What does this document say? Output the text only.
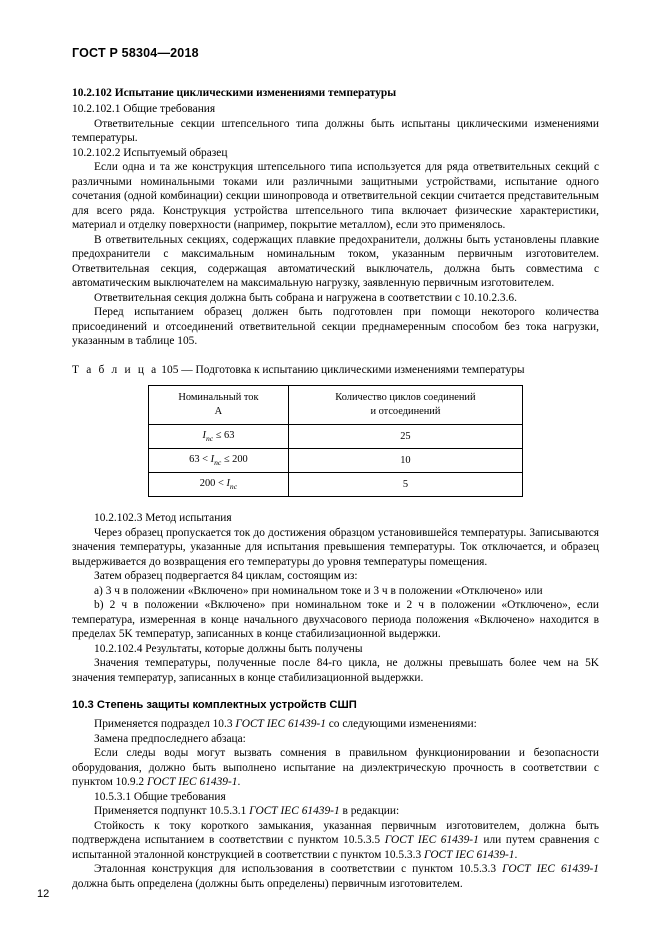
ГОСТ Р 58304—2018

10.2.102 Испытание циклическими изменениями температуры

10.2.102.1 Общие требования

Ответвительные секции штепсельного типа должны быть испытаны циклическими изменениями температуры.

10.2.102.2 Испытуемый образец

Если одна и та же конструкция штепсельного типа используется для ряда ответвительных секций с различными номинальными токами или различными защитными устройствами, испытание одного сочетания (одной комбинации) секции шинопровода и ответвительной секции считается представительным для всего ряда. Конструкция устройства штепсельного типа включает физические характеристики, материал и отделку поверхности (например, покрытие металлом), если это применялось.

В ответвительных секциях, содержащих плавкие предохранители, должны быть установлены плавкие предохранители с максимальным номинальным током, указанным первичным изготовителем. Ответвительная секция, содержащая автоматический выключатель, должна быть совместима с автоматическим выключателем на максимальную нагрузку, заявленную первичным изготовителем.

Ответвительная секция должна быть собрана и нагружена в соответствии с 10.10.2.3.6.

Перед испытанием образец должен быть подготовлен при помощи некоторого количества присоединений и отсоединений ответвительной секции преднамеренным способом без тока нагрузки, указанным в таблице 105.

Т а б л и ц а 105 — Подготовка к испытанию циклическими изменениями температуры
Номинальный ток
А	Количество циклов соединений
и отсоединений
$I_{nc} \le 63$	25
$63 < I_{nc} \le 200$	10
$200 < I_{nc}$	5

10.2.102.3 Метод испытания

Через образец пропускается ток до достижения образцом установившейся температуры. Записываются значения температуры, указанные для испытания превышения температуры. Ток отключается, и образец выдерживается до возвращения его температуры до уровня температуры помещения.

Затем образец подвергается 84 циклам, состоящим из:

а) 3 ч в положении «Включено» при номинальном токе и 3 ч в положении «Отключено» или

b) 2 ч в положении «Включено» при номинальном токе и 2 ч в положении «Отключено», если температура, измеренная в конце начального двухчасового периода положения «Включено» находится в пределах 5K температур, записанных в конце стабилизационной выдержки.

10.2.102.4 Результаты, которые должны быть получены

Значения температуры, полученные после 84-го цикла, не должны превышать более чем на 5K значения температур, записанных в конце стабилизационной выдержки.

10.3 Степень защиты комплектных устройств СШП

Применяется подраздел 10.3 ГОСТ IEC 61439-1 со следующими изменениями:

Замена предпоследнего абзаца:

Если следы воды могут вызвать сомнения в правильном функционировании и безопасности оборудования, должно быть выполнено испытание на диэлектрическую прочность в соответствии с пунктом 10.9.2 ГОСТ IEC 61439-1.

10.5.3.1 Общие требования

Применяется подпункт 10.5.3.1 ГОСТ IEC 61439-1 в редакции:

Стойкость к току короткого замыкания, указанная первичным изготовителем, должна быть подтверждена испытанием в соответствии с пунктом 10.5.3.5 ГОСТ IEC 61439-1 или путем сравнения с испытанной эталонной конструкцией в соответствии с пунктом 10.5.3.3 ГОСТ IEC 61439-1.

Эталонная конструкция для использования в соответствии с пунктом 10.5.3.3 ГОСТ IEC 61439-1 должна быть определена (должны быть определены) первичным изготовителем.

12
